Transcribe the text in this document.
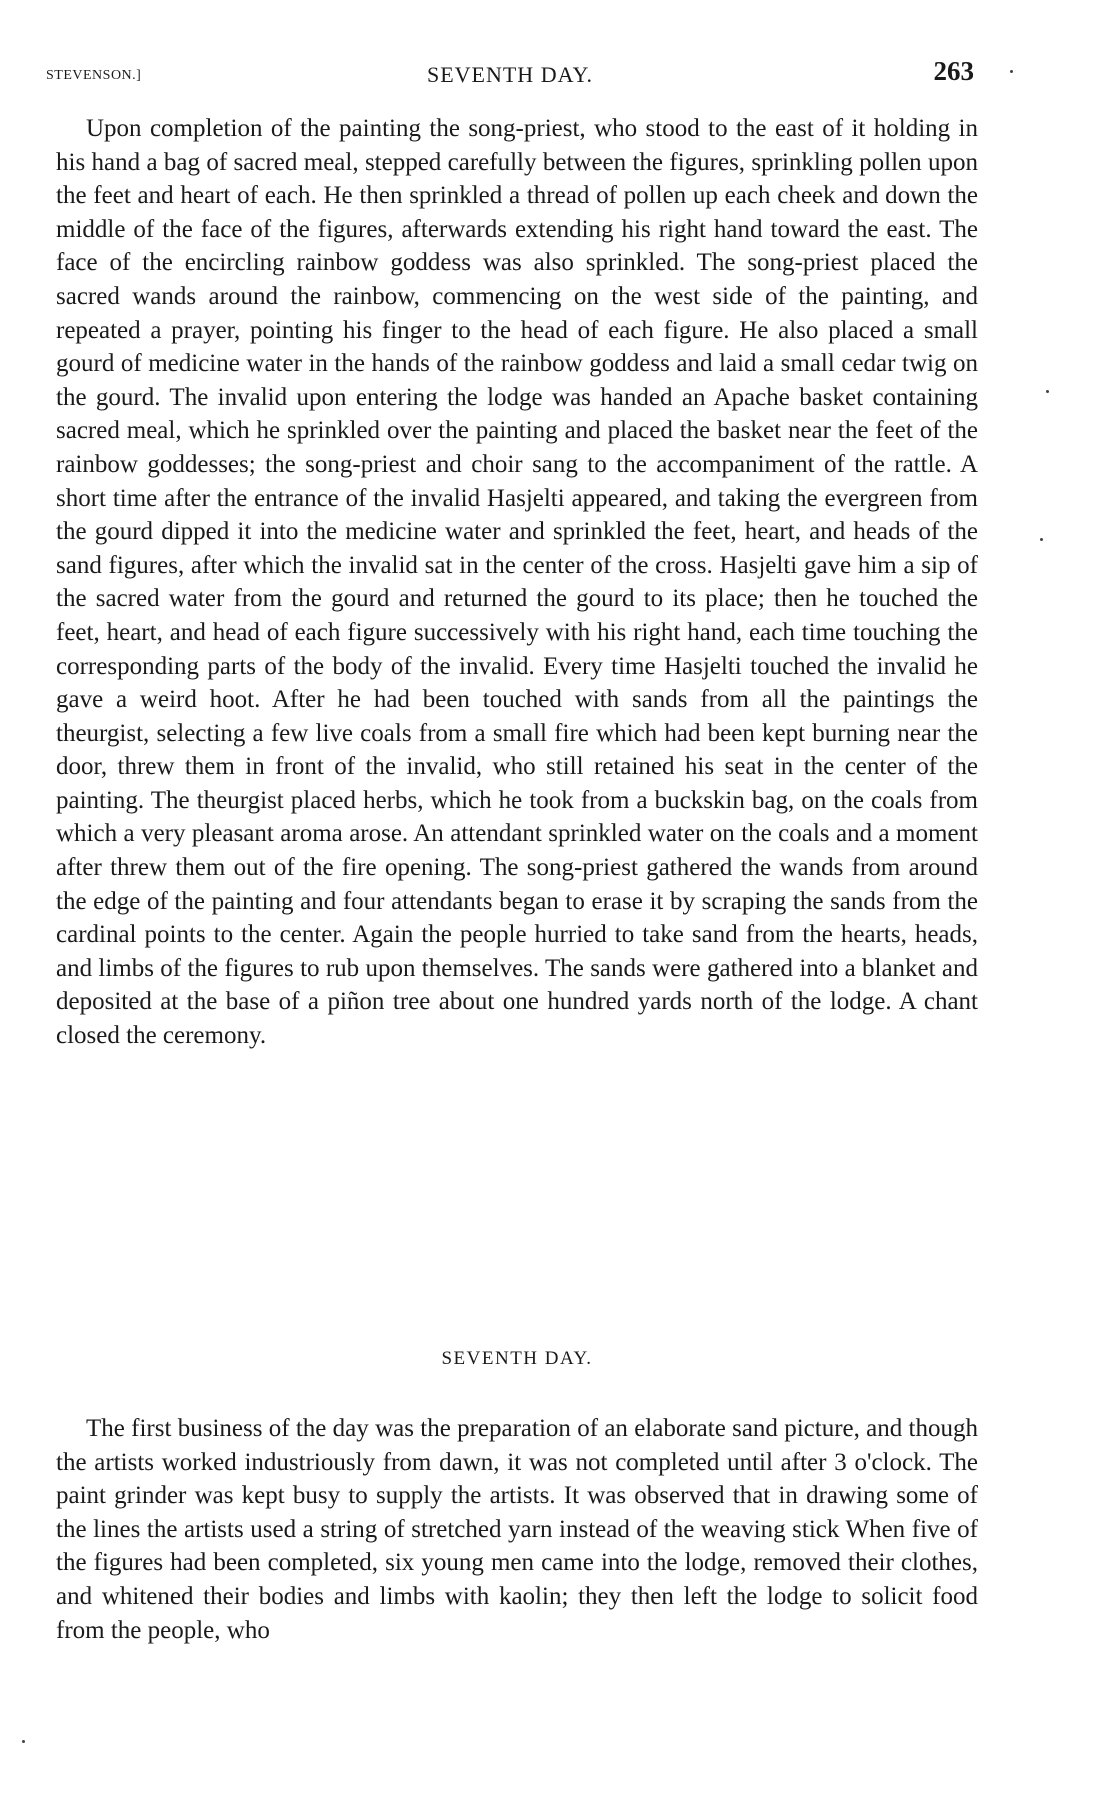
STEVENSON.]	SEVENTH DAY.	263

Upon completion of the painting the song-priest, who stood to the east of it holding in his hand a bag of sacred meal, stepped carefully between the figures, sprinkling pollen upon the feet and heart of each. He then sprinkled a thread of pollen up each cheek and down the middle of the face of the figures, afterwards extending his right hand toward the east. The face of the encircling rainbow goddess was also sprinkled. The song-priest placed the sacred wands around the rainbow, commencing on the west side of the painting, and repeated a prayer, pointing his finger to the head of each figure. He also placed a small gourd of medicine water in the hands of the rainbow goddess and laid a small cedar twig on the gourd. The invalid upon entering the lodge was handed an Apache basket containing sacred meal, which he sprinkled over the painting and placed the basket near the feet of the rainbow goddesses; the song-priest and choir sang to the accompaniment of the rattle. A short time after the entrance of the invalid Hasjelti appeared, and taking the evergreen from the gourd dipped it into the medicine water and sprinkled the feet, heart, and heads of the sand figures, after which the invalid sat in the center of the cross. Hasjelti gave him a sip of the sacred water from the gourd and returned the gourd to its place; then he touched the feet, heart, and head of each figure successively with his right hand, each time touching the corresponding parts of the body of the invalid. Every time Hasjelti touched the invalid he gave a weird hoot. After he had been touched with sands from all the paintings the theurgist, selecting a few live coals from a small fire which had been kept burning near the door, threw them in front of the invalid, who still retained his seat in the center of the painting. The theurgist placed herbs, which he took from a buckskin bag, on the coals from which a very pleasant aroma arose. An attendant sprinkled water on the coals and a moment after threw them out of the fire opening. The song-priest gathered the wands from around the edge of the painting and four attendants began to erase it by scraping the sands from the cardinal points to the center. Again the people hurried to take sand from the hearts, heads, and limbs of the figures to rub upon themselves. The sands were gathered into a blanket and deposited at the base of a piñon tree about one hundred yards north of the lodge. A chant closed the ceremony.

SEVENTH DAY.

The first business of the day was the preparation of an elaborate sand picture, and though the artists worked industriously from dawn, it was not completed until after 3 o'clock. The paint grinder was kept busy to supply the artists. It was observed that in drawing some of the lines the artists used a string of stretched yarn instead of the weaving stick When five of the figures had been completed, six young men came into the lodge, removed their clothes, and whitened their bodies and limbs with kaolin; they then left the lodge to solicit food from the people, who
